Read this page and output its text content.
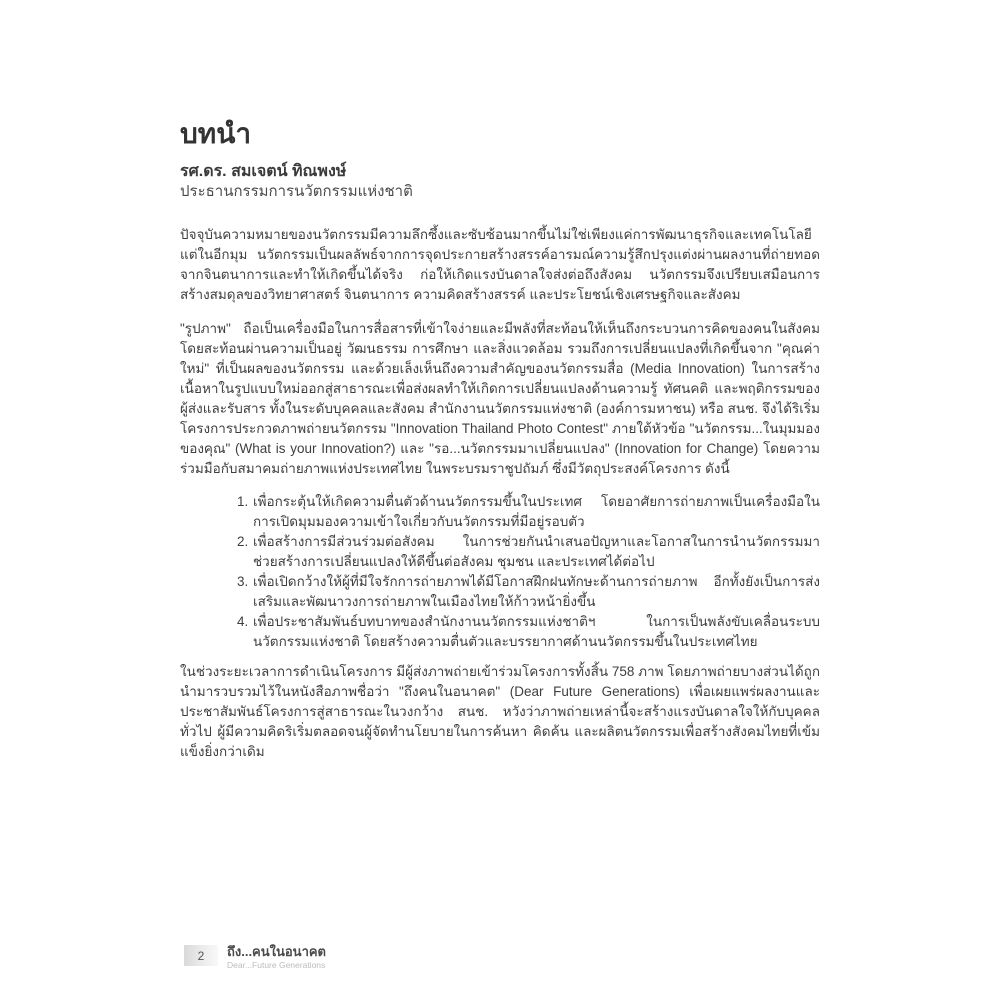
บทนำ
รศ.ดร. สมเจตน์ ทิณพงษ์
ประธานกรรมการนวัตกรรมแห่งชาติ

ปัจจุบันความหมายของนวัตกรรมมีความลึกซึ้งและซับซ้อนมากขึ้นไม่ใช่เพียงแค่การพัฒนาธุรกิจและเทคโนโลยี แต่ในอีกมุม นวัตกรรมเป็นผลลัพธ์จากการจุดประกายสร้างสรรค์อารมณ์ความรู้สึกปรุงแต่งผ่านผลงานที่ถ่ายทอดจากจินตนาการและทำให้เกิดขึ้นได้จริง ก่อให้เกิดแรงบันดาลใจส่งต่อถึงสังคม นวัตกรรมจึงเปรียบเสมือนการสร้างสมดุลของวิทยาศาสตร์ จินตนาการ ความคิดสร้างสรรค์ และประโยชน์เชิงเศรษฐกิจและสังคม

"รูปภาพ" ถือเป็นเครื่องมือในการสื่อสารที่เข้าใจง่ายและมีพลังที่สะท้อนให้เห็นถึงกระบวนการคิดของคนในสังคม โดยสะท้อนผ่านความเป็นอยู่ วัฒนธรรม การศึกษา และสิ่งแวดล้อม รวมถึงการเปลี่ยนแปลงที่เกิดขึ้นจาก "คุณค่าใหม่" ที่เป็นผลของนวัตกรรม และด้วยเล็งเห็นถึงความสำคัญของนวัตกรรมสื่อ (Media Innovation) ในการสร้างเนื้อหาในรูปแบบใหม่ออกสู่สาธารณะเพื่อส่งผลทำให้เกิดการเปลี่ยนแปลงด้านความรู้ ทัศนคติ และพฤติกรรมของผู้ส่งและรับสาร ทั้งในระดับบุคคลและสังคม สำนักงานนวัตกรรมแห่งชาติ (องค์การมหาชน) หรือ สนช. จึงได้ริเริ่มโครงการประกวดภาพถ่ายนวัตกรรม "Innovation Thailand Photo Contest" ภายใต้หัวข้อ "นวัตกรรม...ในมุมมองของคุณ" (What is your Innovation?) และ "รอ...นวัตกรรมมาเปลี่ยนแปลง" (Innovation for Change) โดยความร่วมมือกับสมาคมถ่ายภาพแห่งประเทศไทย ในพระบรมราชูปถัมภ์ ซึ่งมีวัตถุประสงค์โครงการ ดังนี้

1. เพื่อกระตุ้นให้เกิดความตื่นตัวด้านนวัตกรรมขึ้นในประเทศ โดยอาศัยการถ่ายภาพเป็นเครื่องมือในการเปิดมุมมองความเข้าใจเกี่ยวกับนวัตกรรมที่มีอยู่รอบตัว
2. เพื่อสร้างการมีส่วนร่วมต่อสังคม ในการช่วยกันนำเสนอปัญหาและโอกาสในการนำนวัตกรรมมาช่วยสร้างการเปลี่ยนแปลงให้ดีขึ้นต่อสังคม ชุมชน และประเทศได้ต่อไป
3. เพื่อเปิดกว้างให้ผู้ที่มีใจรักการถ่ายภาพได้มีโอกาสฝึกฝนทักษะด้านการถ่ายภาพ อีกทั้งยังเป็นการส่งเสริมและพัฒนาวงการถ่ายภาพในเมืองไทยให้ก้าวหน้ายิ่งขึ้น
4. เพื่อประชาสัมพันธ์บทบาทของสำนักงานนวัตกรรมแห่งชาติฯ ในการเป็นพลังขับเคลื่อนระบบนวัตกรรมแห่งชาติ โดยสร้างความตื่นตัวและบรรยากาศด้านนวัตกรรมขึ้นในประเทศไทย

ในช่วงระยะเวลาการดำเนินโครงการ มีผู้ส่งภาพถ่ายเข้าร่วมโครงการทั้งสิ้น 758 ภาพ โดยภาพถ่ายบางส่วนได้ถูกนำมารวบรวมไว้ในหนังสือภาพชื่อว่า "ถึงคนในอนาคต" (Dear Future Generations) เพื่อเผยแพร่ผลงานและประชาสัมพันธ์โครงการสู่สาธารณะในวงกว้าง สนช. หวังว่าภาพถ่ายเหล่านี้จะสร้างแรงบันดาลใจให้กับบุคคลทั่วไป ผู้มีความคิดริเริ่มตลอดจนผู้จัดทำนโยบายในการค้นหา คิดค้น และผลิตนวัตกรรมเพื่อสร้างสังคมไทยที่เข้มแข็งยิ่งกว่าเดิม

2 ถึง...คนในอนาคต
Dear...Future Generations
